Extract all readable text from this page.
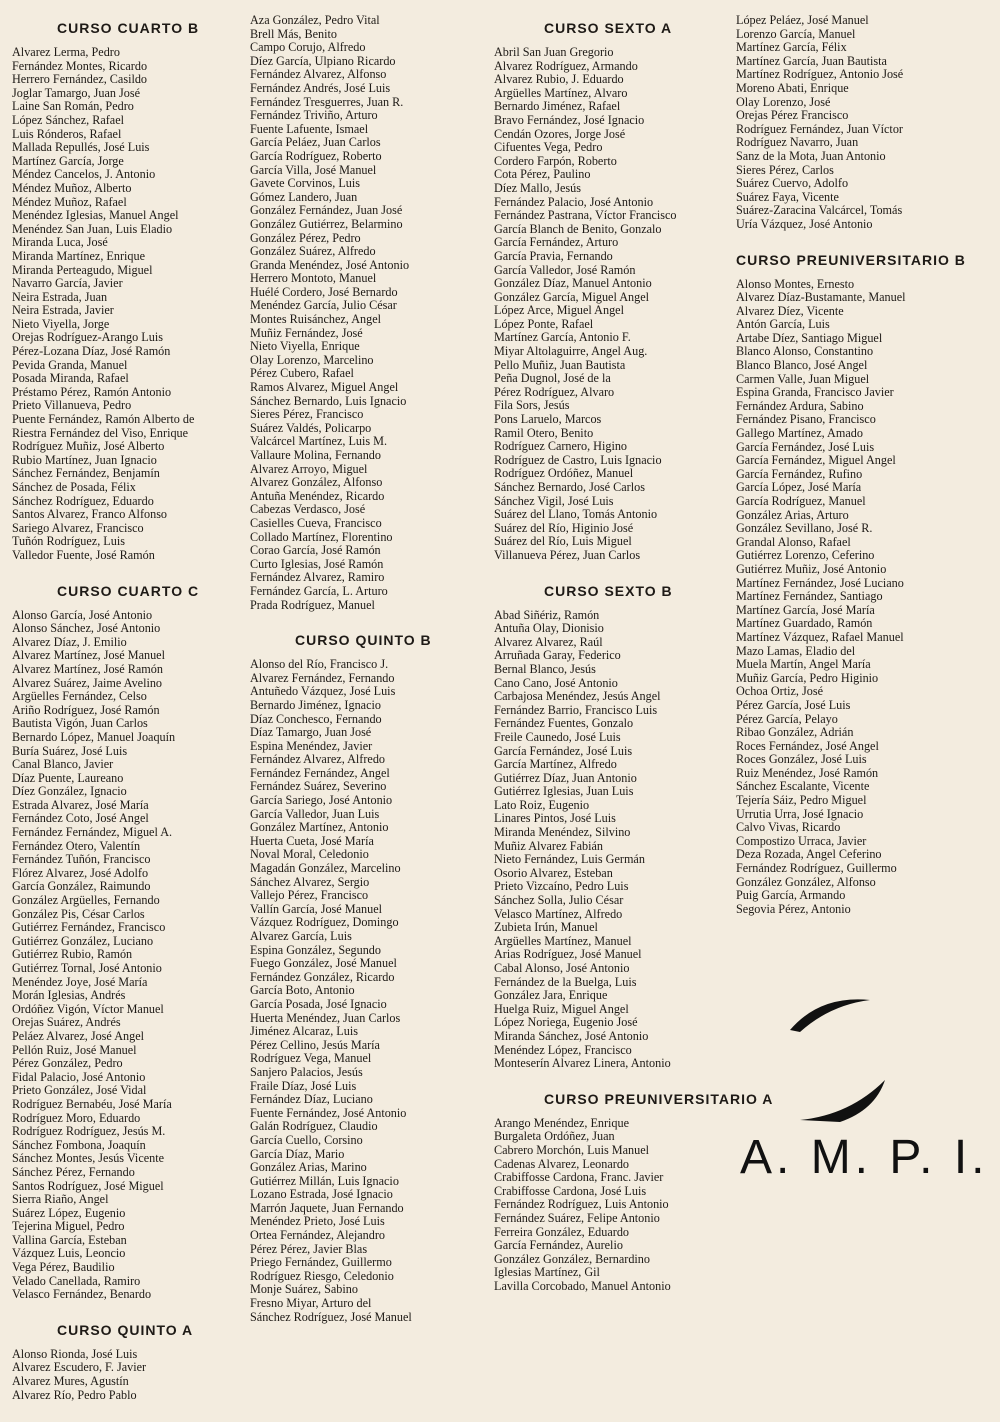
CURSO CUARTO B
Alvarez Lerma, Pedro
Fernández Montes, Ricardo
Herrero Fernández, Casildo
Joglar Tamargo, Juan José
Laine San Román, Pedro
López Sánchez, Rafael
Luis Rónderos, Rafael
Mallada Repullés, José Luis
Martínez García, Jorge
Méndez Cancelos, J. Antonio
Méndez Muñoz, Alberto
Méndez Muñoz, Rafael
Menéndez Iglesias, Manuel Angel
Menéndez San Juan, Luis Eladio
Miranda Luca, José
Miranda Martínez, Enrique
Miranda Perteagudo, Miguel
Navarro García, Javier
Neira Estrada, Juan
Neira Estrada, Javier
Nieto Viyella, Jorge
Orejas Rodríguez-Arango Luis
Pérez-Lozana Díaz, José Ramón
Pevida Granda, Manuel
Posada Miranda, Rafael
Préstamo Pérez, Ramón Antonio
Prieto Villanueva, Pedro
Puente Fernández, Ramón Alberto de
Riestra Fernández del Viso, Enrique
Rodríguez Muñiz, José Alberto
Rubio Martínez, Juan Ignacio
Sánchez Fernández, Benjamín
Sánchez de Posada, Félix
Sánchez Rodríguez, Eduardo
Santos Alvarez, Franco Alfonso
Sariego Alvarez, Francisco
Tuñón Rodríguez, Luis
Valledor Fuente, José Ramón
CURSO CUARTO C
Alonso García, José Antonio
Alonso Sánchez, José Antonio
Alvarez Díaz, J. Emilio
Alvarez Martínez, José Manuel
Alvarez Martínez, José Ramón
Alvarez Suárez, Jaime Avelino
Argüelles Fernández, Celso
Ariño Rodríguez, José Ramón
Bautista Vigón, Juan Carlos
Bernardo López, Manuel Joaquín
Buría Suárez, José Luis
Canal Blanco, Javier
Díaz Puente, Laureano
Díez González, Ignacio
Estrada Alvarez, José María
Fernández Coto, José Angel
Fernández Fernández, Miguel A.
Fernández Otero, Valentín
Fernández Tuñón, Francisco
Flórez Alvarez, José Adolfo
García González, Raimundo
González Argüelles, Fernando
González Pis, César Carlos
Gutiérrez Fernández, Francisco
Gutiérrez González, Luciano
Gutiérrez Rubio, Ramón
Gutiérrez Tornal, José Antonio
Menéndez Joye, José María
Morán Iglesias, Andrés
Ordóñez Vigón, Víctor Manuel
Orejas Suárez, Andrés
Peláez Alvarez, José Angel
Pellón Ruiz, José Manuel
Pérez González, Pedro
Fidal Palacio, José Antonio
Prieto González, José Vidal
Rodríguez Bernabéu, José María
Rodríguez Moro, Eduardo
Rodríguez Rodríguez, Jesús M.
Sánchez Fombona, Joaquín
Sánchez Montes, Jesús Vicente
Sánchez Pérez, Fernando
Santos Rodríguez, José Miguel
Sierra Riaño, Angel
Suárez López, Eugenio
Tejerina Miguel, Pedro
Vallina García, Esteban
Vázquez Luis, Leoncio
Vega Pérez, Baudilio
Velado Canellada, Ramiro
Velasco Fernández, Benardo
CURSO QUINTO A
Alonso Rionda, José Luis
Alvarez Escudero, F. Javier
Alvarez Mures, Agustín
Alvarez Río, Pedro Pablo
Aza González, Pedro Vital
Brell Más, Benito
Campo Corujo, Alfredo
Díez García, Ulpiano Ricardo
Fernández Alvarez, Alfonso
Fernández Andrés, José Luis
Fernández Tresguerres, Juan R.
Fernández Triviño, Arturo
Fuente Lafuente, Ismael
García Peláez, Juan Carlos
García Rodríguez, Roberto
García Villa, José Manuel
Gavete Corvinos, Luis
Gómez Landero, Juan
González Fernández, Juan José
González Gutiérrez, Belarmino
González Pérez, Pedro
González Suárez, Alfredo
Granda Menéndez, José Antonio
Herrero Montoto, Manuel
Huélé Cordero, José Bernardo
Menéndez García, Julio César
Montes Ruisánchez, Angel
Muñiz Fernández, José
Nieto Viyella, Enrique
Olay Lorenzo, Marcelino
Pérez Cubero, Rafael
Ramos Alvarez, Miguel Angel
Sánchez Bernardo, Luis Ignacio
Sieres Pérez, Francisco
Suárez Valdés, Policarpo
Valcárcel Martínez, Luis M.
Vallaure Molina, Fernando
Alvarez Arroyo, Miguel
Alvarez González, Alfonso
Antuña Menéndez, Ricardo
Cabezas Verdasco, José
Casielles Cueva, Francisco
Collado Martínez, Florentino
Corao García, José Ramón
Curto Iglesias, José Ramón
Fernández Alvarez, Ramiro
Fernández García, L. Arturo
Prada Rodríguez, Manuel
CURSO QUINTO B
Alonso del Río, Francisco J.
Alvarez Fernández, Fernando
Antuñedo Vázquez, José Luis
Bernardo Jiménez, Ignacio
Díaz Conchesco, Fernando
Díaz Tamargo, Juan José
Espina Menéndez, Javier
Fernández Alvarez, Alfredo
Fernández Fernández, Angel
Fernández Suárez, Severino
García Sariego, José Antonio
García Valledor, Juan Luis
González Martínez, Antonio
Huerta Cueta, José María
Noval Moral, Celedonio
Magadán González, Marcelino
Sánchez Alvarez, Sergio
Vallejo Pérez, Francisco
Vallín García, José Manuel
Vázquez Rodríguez, Domingo
Alvarez García, Luis
Espina González, Segundo
Fuego González, José Manuel
Fernández González, Ricardo
García Boto, Antonio
García Posada, José Ignacio
Huerta Menéndez, Juan Carlos
Jiménez Alcaraz, Luis
Pérez Cellino, Jesús María
Rodríguez Vega, Manuel
Sanjero Palacios, Jesús
Fraile Díaz, José Luis
Fernández Díaz, Luciano
Fuente Fernández, José Antonio
Galán Rodríguez, Claudio
García Cuello, Corsino
García Díaz, Mario
González Arias, Marino
Gutiérrez Millán, Luis Ignacio
Lozano Estrada, José Ignacio
Marrón Jaquete, Juan Fernando
Menéndez Prieto, José Luis
Ortea Fernández, Alejandro
Pérez Pérez, Javier Blas
Priego Fernández, Guillermo
Rodríguez Riesgo, Celedonio
Monje Suárez, Sabino
Fresno Miyar, Arturo del
Sánchez Rodríguez, José Manuel
CURSO SEXTO A
Abril San Juan Gregorio
Alvarez Rodríguez, Armando
Alvarez Rubio, J. Eduardo
Argüelles Martínez, Alvaro
Bernardo Jiménez, Rafael
Bravo Fernández, José Ignacio
Cendán Ozores, Jorge José
Cifuentes Vega, Pedro
Cordero Farpón, Roberto
Cota Pérez, Paulino
Díez Mallo, Jesús
Fernández Palacio, José Antonio
Fernández Pastrana, Víctor Francisco
García Blanch de Benito, Gonzalo
García Fernández, Arturo
García Pravia, Fernando
García Valledor, José Ramón
González Díaz, Manuel Antonio
González García, Miguel Angel
López Arce, Miguel Angel
López Ponte, Rafael
Martínez García, Antonio F.
Miyar Altolaguirre, Angel Aug.
Pello Muñiz, Juan Bautista
Peña Dugnol, José de la
Pérez Rodríguez, Alvaro
Fila Sors, Jesús
Pons Laruelo, Marcos
Ramil Otero, Benito
Rodríguez Carnero, Higino
Rodríguez de Castro, Luis Ignacio
Rodríguez Ordóñez, Manuel
Sánchez Bernardo, José Carlos
Sánchez Vigil, José Luis
Suárez del Llano, Tomás Antonio
Suárez del Río, Higinio José
Suárez del Río, Luis Miguel
Villanueva Pérez, Juan Carlos
CURSO SEXTO B
Abad Siñériz, Ramón
Antuña Olay, Dionisio
Alvarez Alvarez, Raúl
Arruñada Garay, Federico
Bernal Blanco, Jesús
Cano Cano, José Antonio
Carbajosa Menéndez, Jesús Angel
Fernández Barrio, Francisco Luis
Fernández Fuentes, Gonzalo
Freile Caunedo, José Luis
García Fernández, José Luis
García Martínez, Alfredo
Gutiérrez Díaz, Juan Antonio
Gutiérrez Iglesias, Juan Luis
Lato Roiz, Eugenio
Linares Pintos, José Luis
Miranda Menéndez, Silvino
Muñiz Alvarez Fabián
Nieto Fernández, Luis Germán
Osorio Alvarez, Esteban
Prieto Vizcaíno, Pedro Luis
Sánchez Solla, Julio César
Velasco Martínez, Alfredo
Zubieta Irún, Manuel
Argüelles Martínez, Manuel
Arias Rodríguez, José Manuel
Cabal Alonso, José Antonio
Fernández de la Buelga, Luis
González Jara, Enrique
Huelga Ruiz, Miguel Angel
López Noriega, Eugenio José
Miranda Sánchez, José Antonio
Menéndez López, Francisco
Monteserín Alvarez Linera, Antonio
CURSO PREUNIVERSITARIO A
Arango Menéndez, Enrique
Burgaleta Ordóñez, Juan
Cabrero Morchón, Luis Manuel
Cadenas Alvarez, Leonardo
Crabiffosse Cardona, Franc. Javier
Crabiffosse Cardona, José Luis
Fernández Rodríguez, Luis Antonio
Fernández Suárez, Felipe Antonio
Ferreira González, Eduardo
García Fernández, Aurelio
González González, Bernardino
Iglesias Martínez, Gil
Lavilla Corcobado, Manuel Antonio
López Peláez, José Manuel
Lorenzo García, Manuel
Martínez García, Félix
Martínez García, Juan Bautista
Martínez Rodríguez, Antonio José
Moreno Abati, Enrique
Olay Lorenzo, José
Orejas Pérez Francisco
Rodríguez Fernández, Juan Víctor
Rodríguez Navarro, Juan
Sanz de la Mota, Juan Antonio
Sieres Pérez, Carlos
Suárez Cuervo, Adolfo
Suárez Faya, Vicente
Suárez-Zaracina Valcárcel, Tomás
Uría Vázquez, José Antonio
CURSO PREUNIVERSITARIO B
Alonso Montes, Ernesto
Alvarez Díaz-Bustamante, Manuel
Alvarez Díez, Vicente
Antón García, Luis
Artabe Díez, Santiago Miguel
Blanco Alonso, Constantino
Blanco Blanco, José Angel
Carmen Valle, Juan Miguel
Espina Granda, Francisco Javier
Fernández Ardura, Sabino
Fernández Pisano, Francisco
Gallego Martínez, Amado
García Fernández, José Luis
García Fernández, Miguel Angel
García Fernández, Rufino
García López, José María
García Rodríguez, Manuel
González Arias, Arturo
González Sevillano, José R.
Grandal Alonso, Rafael
Gutiérrez Lorenzo, Ceferino
Gutiérrez Muñiz, José Antonio
Martínez Fernández, José Luciano
Martínez Fernández, Santiago
Martínez García, José María
Martínez Guardado, Ramón
Martínez Vázquez, Rafael Manuel
Mazo Lamas, Eladio del
Muela Martín, Angel María
Muñiz García, Pedro Higinio
Ochoa Ortiz, José
Pérez García, José Luis
Pérez García, Pelayo
Ribao González, Adrián
Roces Fernández, José Angel
Roces González, José Luis
Ruiz Menéndez, José Ramón
Sánchez Escalante, Vicente
Tejería Sáiz, Pedro Miguel
Urrutia Urra, José Ignacio
Calvo Vivas, Ricardo
Compostizo Urraca, Javier
Deza Rozada, Angel Ceferino
Fernández Rodríguez, Guillermo
González González, Alfonso
Puig García, Armando
Segovia Pérez, Antonio
A. M. P. I.
